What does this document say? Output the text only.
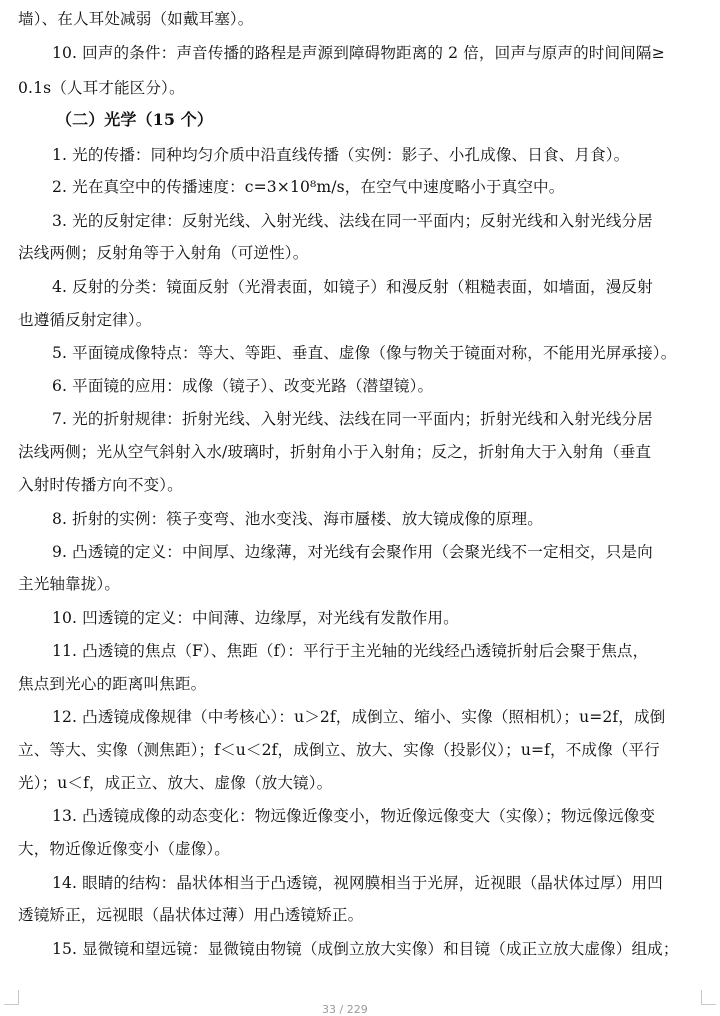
墙）、在人耳处减弱（如戴耳塞）。
10. 回声的条件：声音传播的路程是声源到障碍物距离的 2 倍，回声与原声的时间间隔≥
0.1s（人耳才能区分）。
（二）光学（15 个）
1. 光的传播：同种均匀介质中沿直线传播（实例：影子、小孔成像、日食、月食）。
2. 光在真空中的传播速度：c=3×10⁸m/s，在空气中速度略小于真空中。
3. 光的反射定律：反射光线、入射光线、法线在同一平面内；反射光线和入射光线分居
法线两侧；反射角等于入射角（可逆性）。
4. 反射的分类：镜面反射（光滑表面，如镜子）和漫反射（粗糙表面，如墙面，漫反射
也遵循反射定律）。
5. 平面镜成像特点：等大、等距、垂直、虚像（像与物关于镜面对称，不能用光屏承接）。
6. 平面镜的应用：成像（镜子）、改变光路（潜望镜）。
7. 光的折射规律：折射光线、入射光线、法线在同一平面内；折射光线和入射光线分居
法线两侧；光从空气斜射入水/玻璃时，折射角小于入射角；反之，折射角大于入射角（垂直
入射时传播方向不变）。
8. 折射的实例：筷子变弯、池水变浅、海市蜃楼、放大镜成像的原理。
9. 凸透镜的定义：中间厚、边缘薄，对光线有会聚作用（会聚光线不一定相交，只是向
主光轴靠拢）。
10. 凹透镜的定义：中间薄、边缘厚，对光线有发散作用。
11. 凸透镜的焦点（F）、焦距（f）：平行于主光轴的光线经凸透镜折射后会聚于焦点，
焦点到光心的距离叫焦距。
12. 凸透镜成像规律（中考核心）：u＞2f，成倒立、缩小、实像（照相机）；u=2f，成倒
立、等大、实像（测焦距）；f＜u＜2f，成倒立、放大、实像（投影仪）；u=f，不成像（平行
光）；u＜f，成正立、放大、虚像（放大镜）。
13. 凸透镜成像的动态变化：物远像近像变小，物近像远像变大（实像）；物远像远像变
大，物近像近像变小（虚像）。
14. 眼睛的结构：晶状体相当于凸透镜，视网膜相当于光屏，近视眼（晶状体过厚）用凹
透镜矫正，远视眼（晶状体过薄）用凸透镜矫正。
15. 显微镜和望远镜：显微镜由物镜（成倒立放大实像）和目镜（成正立放大虚像）组成；
33 / 229
